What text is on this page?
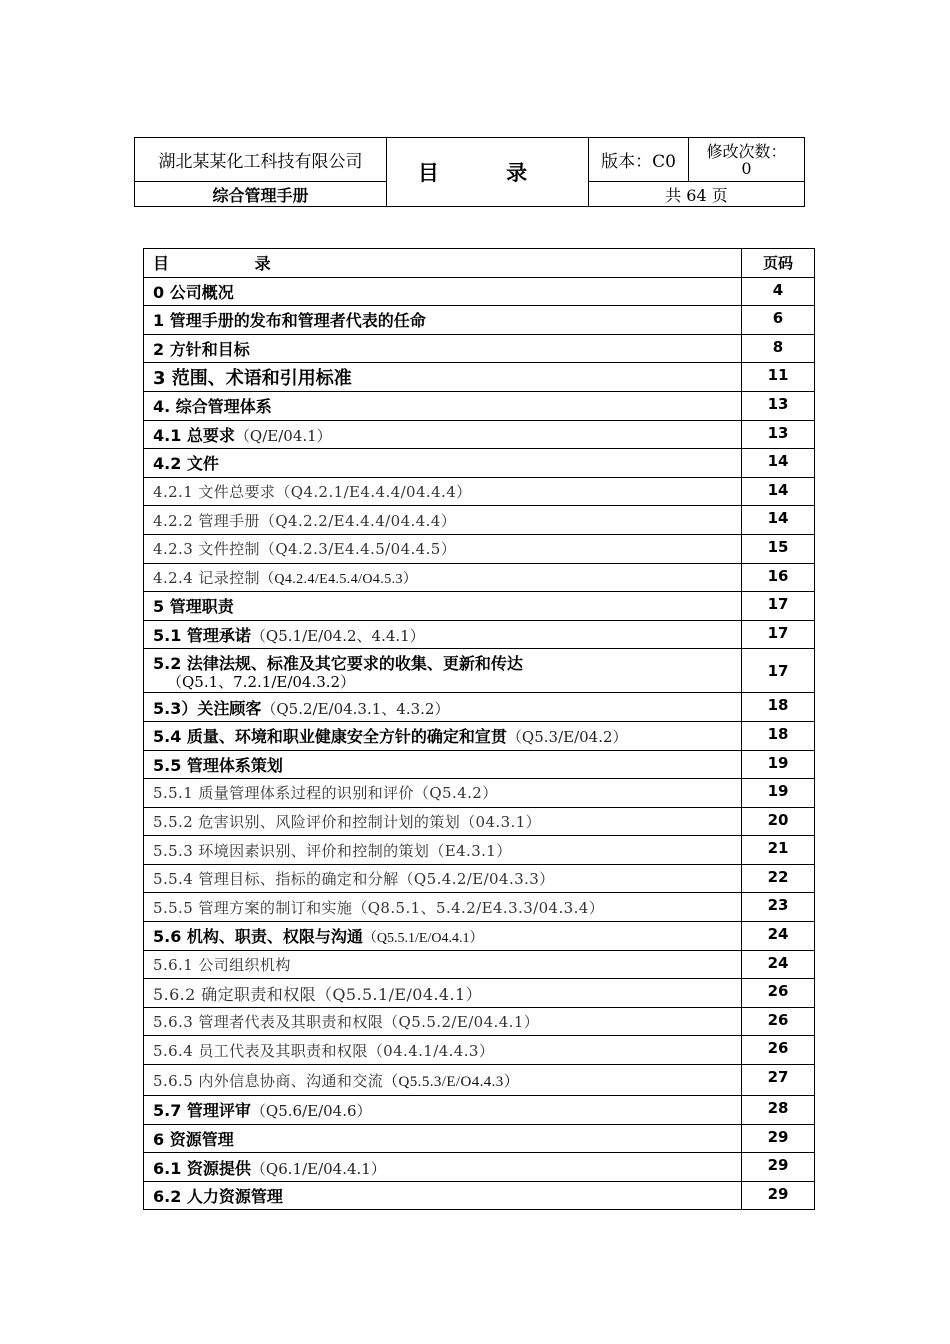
湖北某某化工科技有限公司	目 录	版本：C0	修改次数：
0

综合管理手册		共 64 页	
目 录	页码
0 公司概况	4
1 管理手册的发布和管理者代表的任命	6
2 方针和目标	8
3 范围、术语和引用标准	11
4. 综合管理体系	13
4.1 总要求（Q/E/04.1）	13
4.2 文件	14
4.2.1 文件总要求（Q4.2.1/E4.4.4/04.4.4）	14
4.2.2 管理手册（Q4.2.2/E4.4.4/04.4.4）	14
4.2.3 文件控制（Q4.2.3/E4.4.5/04.4.5）	15
4.2.4 记录控制（Q4.2.4/E4.5.4/O4.5.3）	16
5 管理职责	17
5.1 管理承诺（Q5.1/E/04.2、4.4.1）	17
5.2 法律法规、标准及其它要求的收集、更新和传达
（Q5.1、7.2.1/E/04.3.2）	17
5.3）关注顾客（Q5.2/E/04.3.1、4.3.2）	18
5.4 质量、环境和职业健康安全方针的确定和宣贯（Q5.3/E/04.2）	18
5.5 管理体系策划	19
5.5.1 质量管理体系过程的识别和评价（Q5.4.2）	19
5.5.2 危害识别、风险评价和控制计划的策划（04.3.1）	20
5.5.3 环境因素识别、评价和控制的策划（E4.3.1）	21
5.5.4 管理目标、指标的确定和分解（Q5.4.2/E/04.3.3）	22
5.5.5 管理方案的制订和实施（Q8.5.1、5.4.2/E4.3.3/04.3.4）	23
5.6 机构、职责、权限与沟通（Q5.5.1/E/O4.4.1）	24
5.6.1 公司组织机构	24
5.6.2 确定职责和权限（Q5.5.1/E/04.4.1）	26
5.6.3 管理者代表及其职责和权限（Q5.5.2/E/04.4.1）	26
5.6.4 员工代表及其职责和权限（04.4.1/4.4.3）	26
5.6.5 内外信息协商、沟通和交流（Q5.5.3/E/O4.4.3）	27
5.7 管理评审（Q5.6/E/04.6）	28
6 资源管理	29
6.1 资源提供（Q6.1/E/04.4.1）	29
6.2 人力资源管理	29
